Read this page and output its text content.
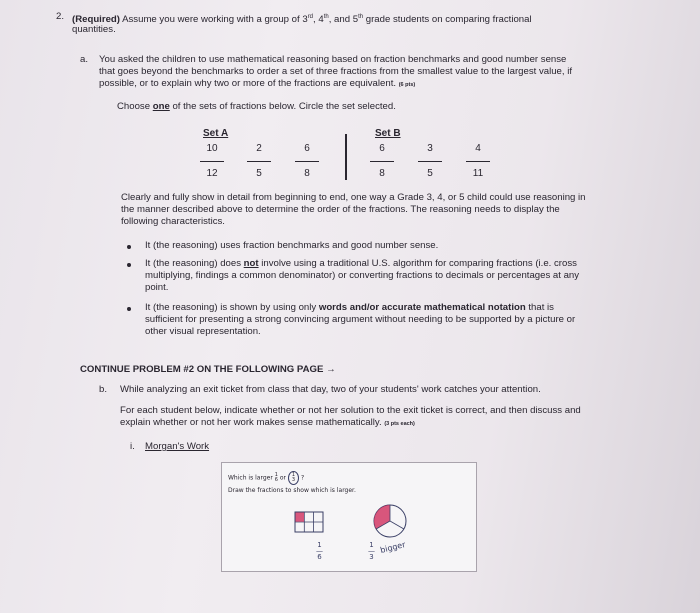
2. (Required) Assume you were working with a group of 3rd, 4th, and 5th grade students on comparing fractional
quantities.
a. You asked the children to use mathematical reasoning based on fraction benchmarks and good number sense
that goes beyond the benchmarks to order a set of three fractions from the smallest value to the largest value, if
possible, or to explain why two or more of the fractions are equivalent. (6 pts)
Choose one of the sets of fractions below. Circle the set selected.
Set A
10
12
2
5
6
8
Set B
6
8
3
5
4
11
Clearly and fully show in detail from beginning to end, one way a Grade 3, 4, or 5 child could use reasoning in
the manner described above to determine the order of the fractions. The reasoning needs to display the
following characteristics.
It (the reasoning) uses fraction benchmarks and good number sense.
It (the reasoning) does not involve using a traditional U.S. algorithm for comparing fractions (i.e. cross
multiplying, findings a common denominator) or converting fractions to decimals or percentages at any
point.
It (the reasoning) is shown by using only words and/or accurate mathematical notation that is
sufficient for presenting a strong convincing argument without needing to be supported by a picture or
other visual representation.
CONTINUE PROBLEM #2 ON THE FOLLOWING PAGE →
b. While analyzing an exit ticket from class that day, two of your students' work catches your attention.
For each student below, indicate whether or not her solution to the exit ticket is correct, and then discuss and
explain whether or not her work makes sense mathematically. (3 pts each)
i. Morgan's Work
Which is larger 1
6 or 1
3 ?
Draw the fractions to show which is larger.
1
—
6
1
—
3
bigger
